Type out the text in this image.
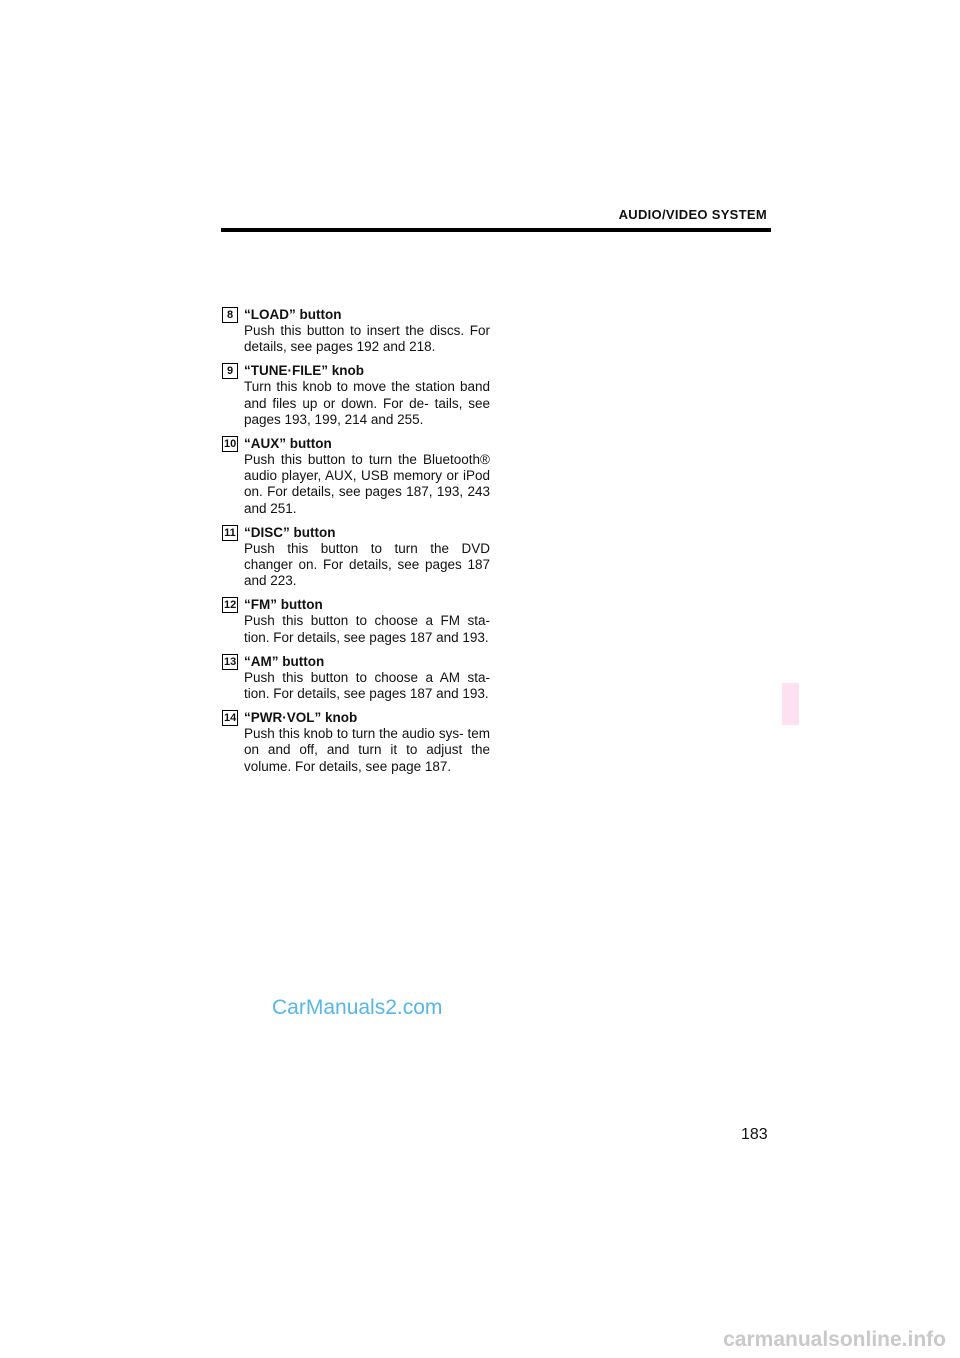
AUDIO/VIDEO SYSTEM
8 “LOAD” button
Push this button to insert the discs. For details, see pages 192 and 218.
9 “TUNE·FILE” knob
Turn this knob to move the station band and files up or down. For de- tails, see pages 193, 199, 214 and 255.
10 “AUX” button
Push this button to turn the Bluetooth® audio player, AUX, USB memory or iPod on. For details, see pages 187, 193, 243 and 251.
11 “DISC” button
Push this button to turn the DVD changer on. For details, see pages 187 and 223.
12 “FM” button
Push this button to choose a FM sta- tion. For details, see pages 187 and 193.
13 “AM” button
Push this button to choose a AM sta- tion. For details, see pages 187 and 193.
14 “PWR·VOL” knob
Push this knob to turn the audio sys- tem on and off, and turn it to adjust the volume. For details, see page 187.
CarManuals2.com
183
carmanualsonline.info
